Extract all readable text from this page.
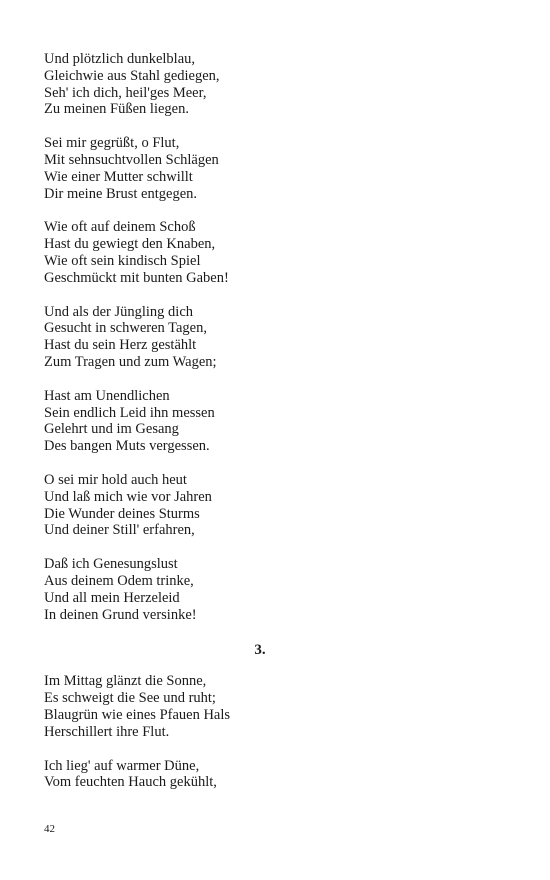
Und plötzlich dunkelblau,
Gleichwie aus Stahl gediegen,
Seh' ich dich, heil'ges Meer,
Zu meinen Füßen liegen.
Sei mir gegrüßt, o Flut,
Mit sehnsuchtvollen Schlägen
Wie einer Mutter schwillt
Dir meine Brust entgegen.
Wie oft auf deinem Schoß
Hast du gewiegt den Knaben,
Wie oft sein kindisch Spiel
Geschmückt mit bunten Gaben!
Und als der Jüngling dich
Gesucht in schweren Tagen,
Hast du sein Herz gestählt
Zum Tragen und zum Wagen;
Hast am Unendlichen
Sein endlich Leid ihn messen
Gelehrt und im Gesang
Des bangen Muts vergessen.
O sei mir hold auch heut
Und laß mich wie vor Jahren
Die Wunder deines Sturms
Und deiner Still' erfahren,
Daß ich Genesungslust
Aus deinem Odem trinke,
Und all mein Herzeleid
In deinen Grund versinke!
3.
Im Mittag glänzt die Sonne,
Es schweigt die See und ruht;
Blaugrün wie eines Pfauen Hals
Herschillert ihre Flut.
Ich lieg' auf warmer Düne,
Vom feuchten Hauch gekühlt,
42
